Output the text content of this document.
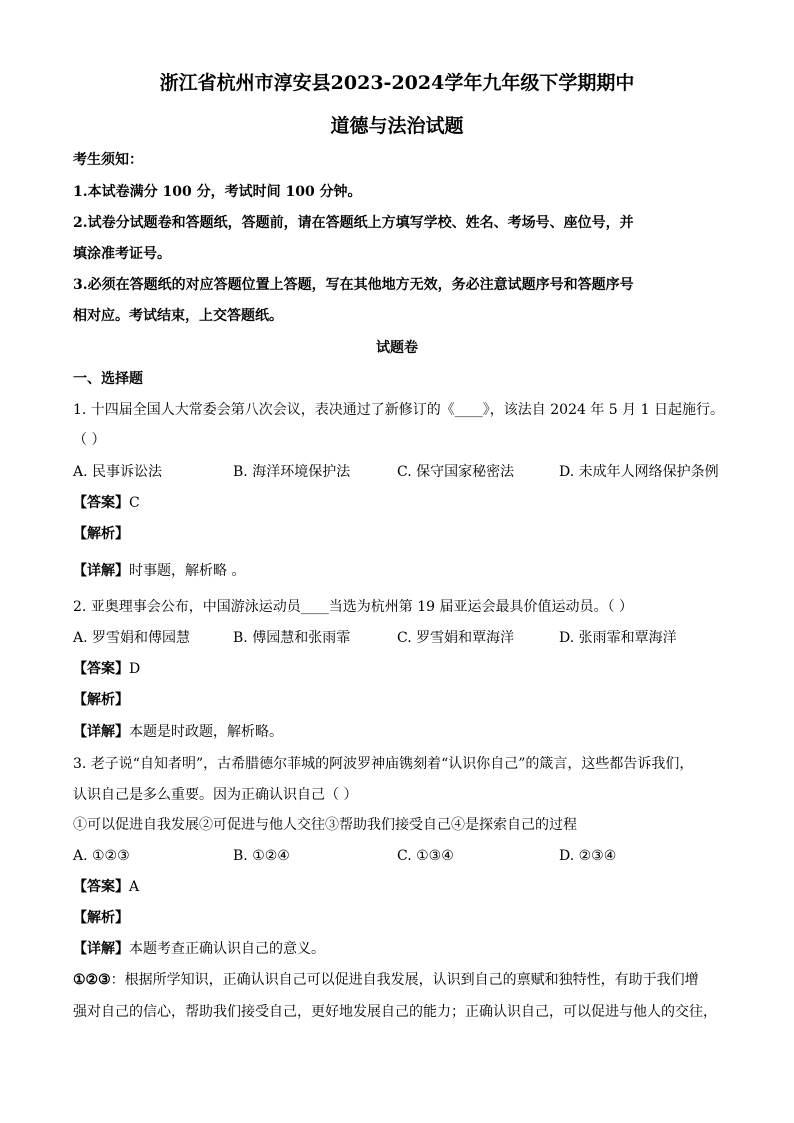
浙江省杭州市淳安县2023-2024学年九年级下学期期中
道德与法治试题
考生须知：
1.本试卷满分 100 分，考试时间 100 分钟。
2.试卷分试题卷和答题纸，答题前，请在答题纸上方填写学校、姓名、考场号、座位号，并
填涂准考证号。
3.必须在答题纸的对应答题位置上答题，写在其他地方无效，务必注意试题序号和答题序号
相对应。考试结束，上交答题纸。
试题卷
一、选择题
1. 十四届全国人大常委会第八次会议，表决通过了新修订的《____》，该法自 2024 年 5 月 1 日起施行。
（ ）
A. 民事诉讼法	B. 海洋环境保护法	C. 保守国家秘密法	D. 未成年人网络保护条例
【答案】C
【解析】
【详解】时事题，解析略 。
2. 亚奥理事会公布，中国游泳运动员____当选为杭州第 19 届亚运会最具价值运动员。（ ）
A. 罗雪娟和傅园慧	B. 傅园慧和张雨霏	C. 罗雪娟和覃海洋	D. 张雨霏和覃海洋
【答案】D
【解析】
【详解】本题是时政题，解析略。
3. 老子说“自知者明”，古希腊德尔菲城的阿波罗神庙镌刻着“认识你自己”的箴言，这些都告诉我们，
认识自己是多么重要。因为正确认识自己（ ）
①可以促进自我发展②可促进与他人交往③帮助我们接受自己④是探索自己的过程
A. ①②③	B. ①②④	C. ①③④	D. ②③④
【答案】A
【解析】
【详解】本题考查正确认识自己的意义。
①②③：根据所学知识，正确认识自己可以促进自我发展，认识到自己的禀赋和独特性，有助于我们增
强对自己的信心，帮助我们接受自己，更好地发展自己的能力；正确认识自己，可以促进与他人的交往，
